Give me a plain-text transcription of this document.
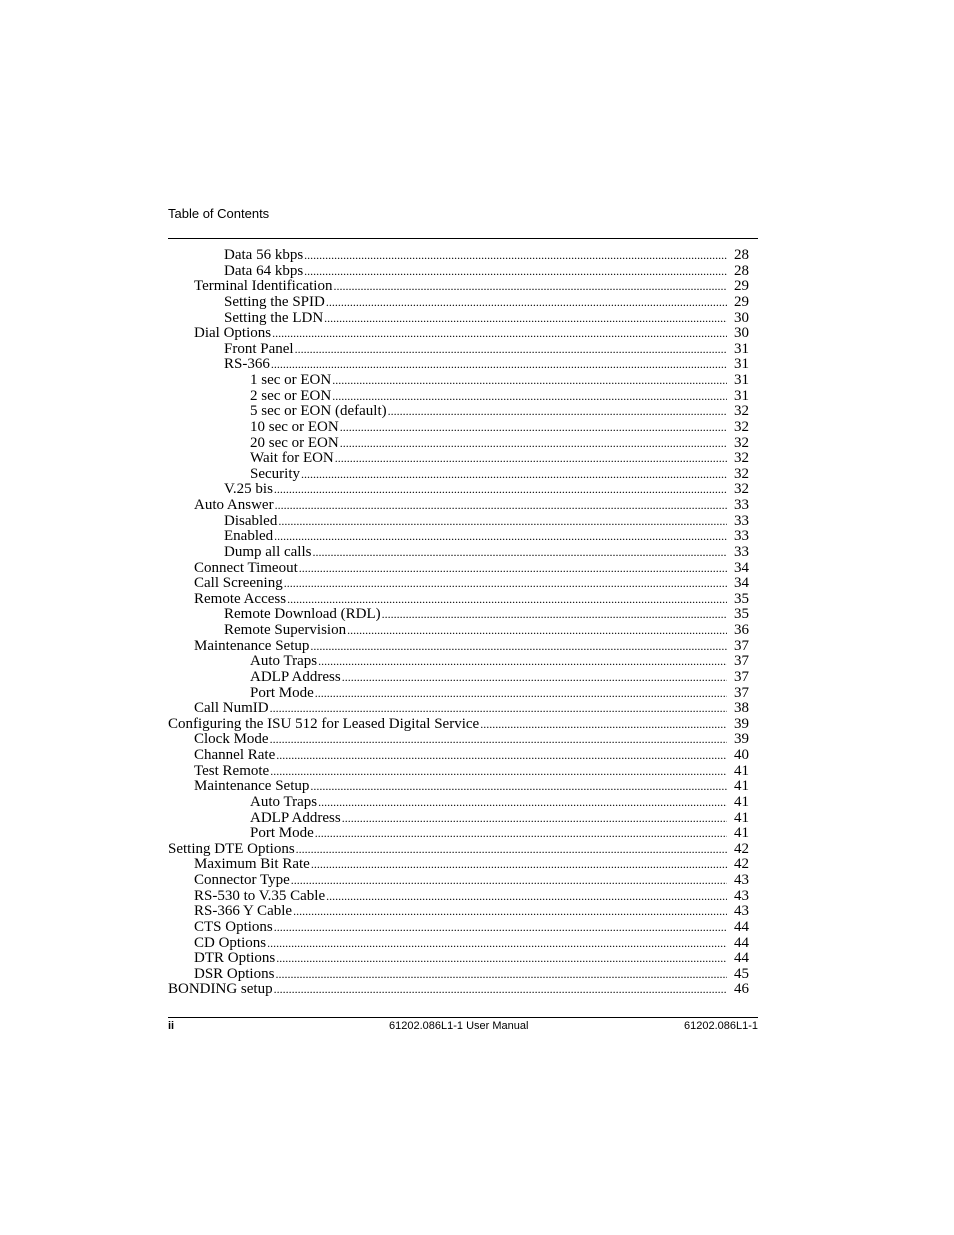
Table of Contents
Data 56 kbps .....	28
Data 64 kbps .....	28
Terminal Identification .....	29
Setting the SPID .....	29
Setting the LDN .....	30
Dial Options .....	30
Front Panel .....	31
RS-366 .....	31
1 sec or EON .....	31
2 sec or EON .....	31
5 sec or EON (default) .....	32
10 sec or EON .....	32
20 sec or EON .....	32
Wait for EON .....	32
Security .....	32
V.25 bis .....	32
Auto Answer .....	33
Disabled .....	33
Enabled .....	33
Dump all calls .....	33
Connect Timeout .....	34
Call Screening .....	34
Remote Access .....	35
Remote Download (RDL) .....	35
Remote Supervision .....	36
Maintenance Setup .....	37
Auto Traps .....	37
ADLP Address .....	37
Port Mode .....	37
Call NumID .....	38
Configuring the ISU 512 for Leased Digital Service .....	39
Clock Mode .....	39
Channel Rate .....	40
Test Remote .....	41
Maintenance Setup .....	41
Auto Traps .....	41
ADLP Address .....	41
Port Mode .....	41
Setting DTE Options .....	42
Maximum Bit Rate .....	42
Connector Type .....	43
RS-530 to V.35 Cable .....	43
RS-366 Y Cable .....	43
CTS Options .....	44
CD Options .....	44
DTR Options .....	44
DSR Options .....	45
BONDING setup .....	46
ii	61202.086L1-1 User Manual	61202.086L1-1
